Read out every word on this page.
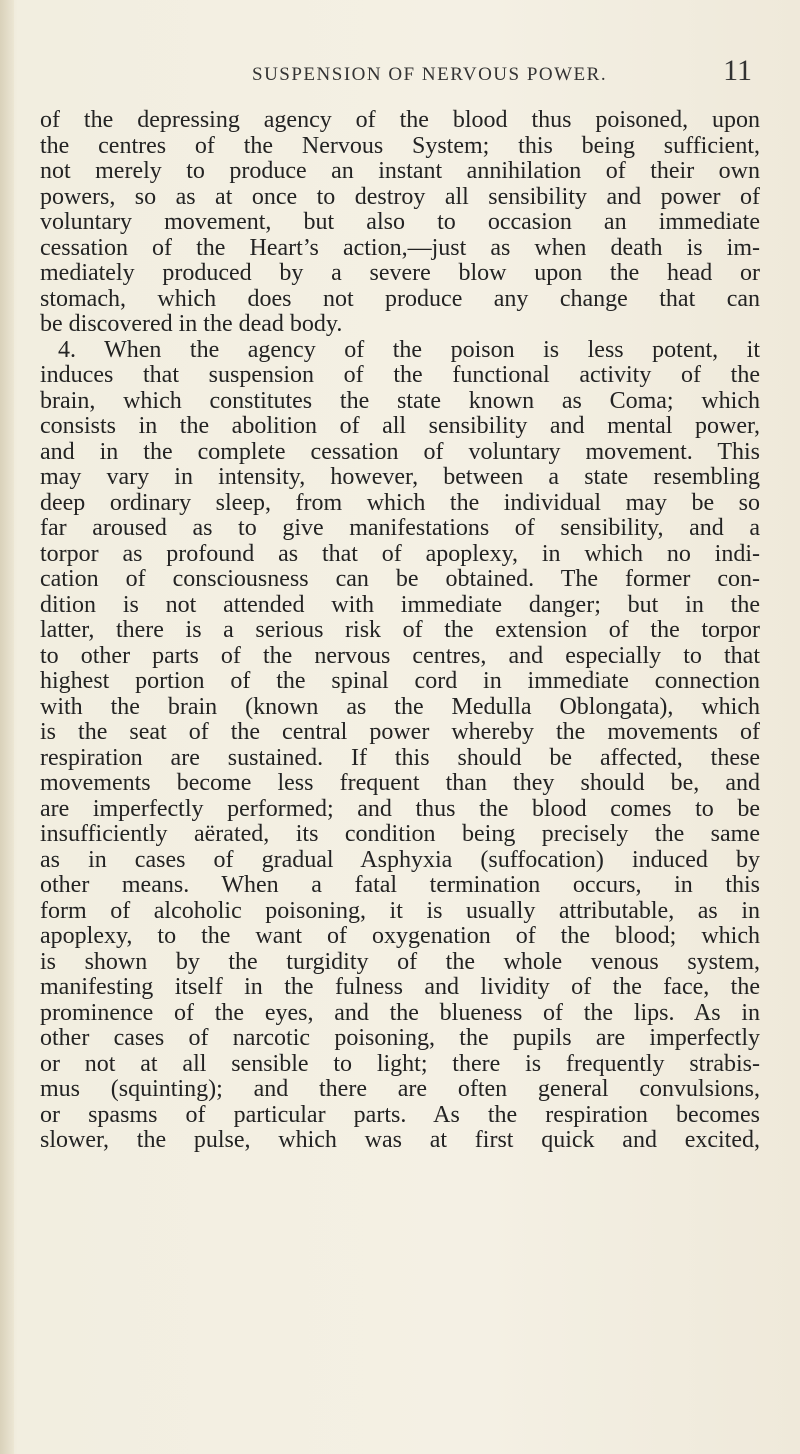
SUSPENSION OF NERVOUS POWER.	11
of the depressing agency of the blood thus poisoned, upon
the centres of the Nervous System; this being sufficient,
not merely to produce an instant annihilation of their own
powers, so as at once to destroy all sensibility and power of
voluntary movement, but also to occasion an immediate
cessation of the Heart’s action,—just as when death is im-
mediately produced by a severe blow upon the head or
stomach, which does not produce any change that can
be discovered in the dead body.
4. When the agency of the poison is less potent, it
induces that suspension of the functional activity of the
brain, which constitutes the state known as Coma; which
consists in the abolition of all sensibility and mental power,
and in the complete cessation of voluntary movement. This
may vary in intensity, however, between a state resembling
deep ordinary sleep, from which the individual may be so
far aroused as to give manifestations of sensibility, and a
torpor as profound as that of apoplexy, in which no indi-
cation of consciousness can be obtained. The former con-
dition is not attended with immediate danger; but in the
latter, there is a serious risk of the extension of the torpor
to other parts of the nervous centres, and especially to that
highest portion of the spinal cord in immediate connection
with the brain (known as the Medulla Oblongata), which
is the seat of the central power whereby the movements of
respiration are sustained. If this should be affected, these
movements become less frequent than they should be, and
are imperfectly performed; and thus the blood comes to be
insufficiently aërated, its condition being precisely the same
as in cases of gradual Asphyxia (suffocation) induced by
other means. When a fatal termination occurs, in this
form of alcoholic poisoning, it is usually attributable, as in
apoplexy, to the want of oxygenation of the blood; which
is shown by the turgidity of the whole venous system,
manifesting itself in the fulness and lividity of the face, the
prominence of the eyes, and the blueness of the lips. As in
other cases of narcotic poisoning, the pupils are imperfectly
or not at all sensible to light; there is frequently strabis-
mus (squinting); and there are often general convulsions,
or spasms of particular parts. As the respiration becomes
slower, the pulse, which was at first quick and excited,
